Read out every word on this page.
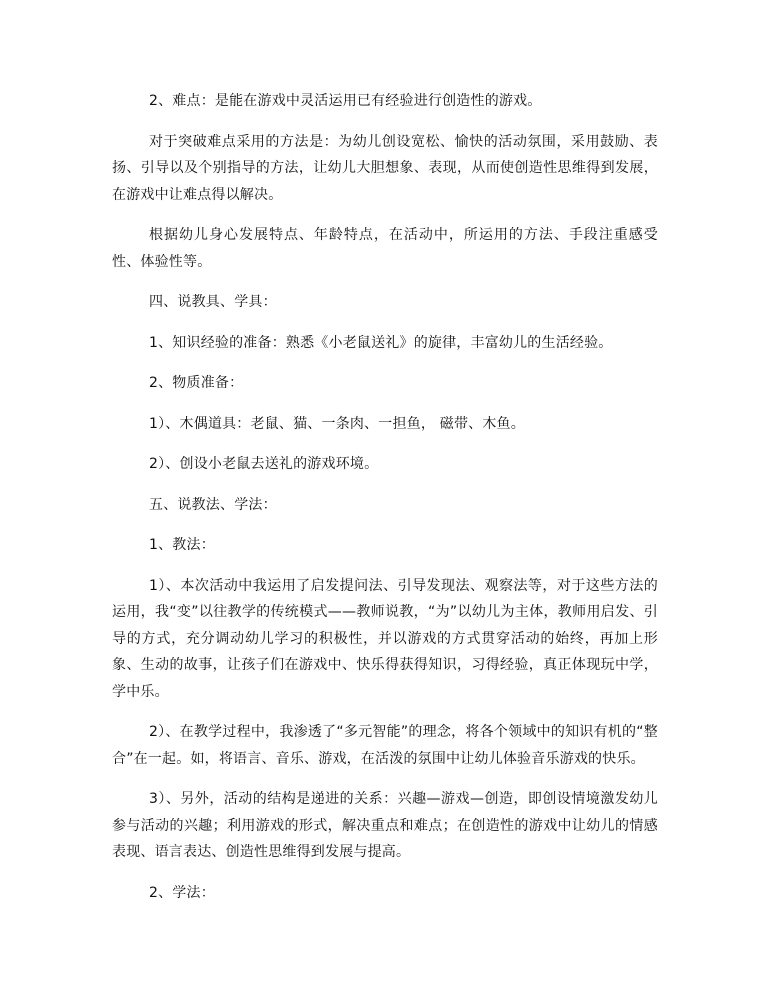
2、难点：是能在游戏中灵活运用已有经验进行创造性的游戏。

对于突破难点采用的方法是：为幼儿创设宽松、愉快的活动氛围，采用鼓励、表扬、引导以及个别指导的方法，让幼儿大胆想象、表现，从而使创造性思维得到发展，在游戏中让难点得以解决。

根据幼儿身心发展特点、年龄特点，在活动中，所运用的方法、手段注重感受性、体验性等。

四、说教具、学具：

1、知识经验的准备：熟悉《小老鼠送礼》的旋律，丰富幼儿的生活经验。

2、物质准备：

1）、木偶道具：老鼠、猫、一条肉、一担鱼， 磁带、木鱼。

2）、创设小老鼠去送礼的游戏环境。

五、说教法、学法：

1、教法：

1）、本次活动中我运用了启发提问法、引导发现法、观察法等，对于这些方法的运用，我“变”以往教学的传统模式——教师说教，“为”以幼儿为主体，教师用启发、引导的方式，充分调动幼儿学习的积极性，并以游戏的方式贯穿活动的始终，再加上形象、生动的故事，让孩子们在游戏中、快乐得获得知识，习得经验，真正体现玩中学，学中乐。

2）、在教学过程中，我渗透了“多元智能”的理念，将各个领域中的知识有机的“整合”在一起。如，将语言、音乐、游戏，在活泼的氛围中让幼儿体验音乐游戏的快乐。

3）、另外，活动的结构是递进的关系：兴趣—游戏—创造，即创设情境激发幼儿参与活动的兴趣；利用游戏的形式，解决重点和难点；在创造性的游戏中让幼儿的情感表现、语言表达、创造性思维得到发展与提高。

2、学法：
